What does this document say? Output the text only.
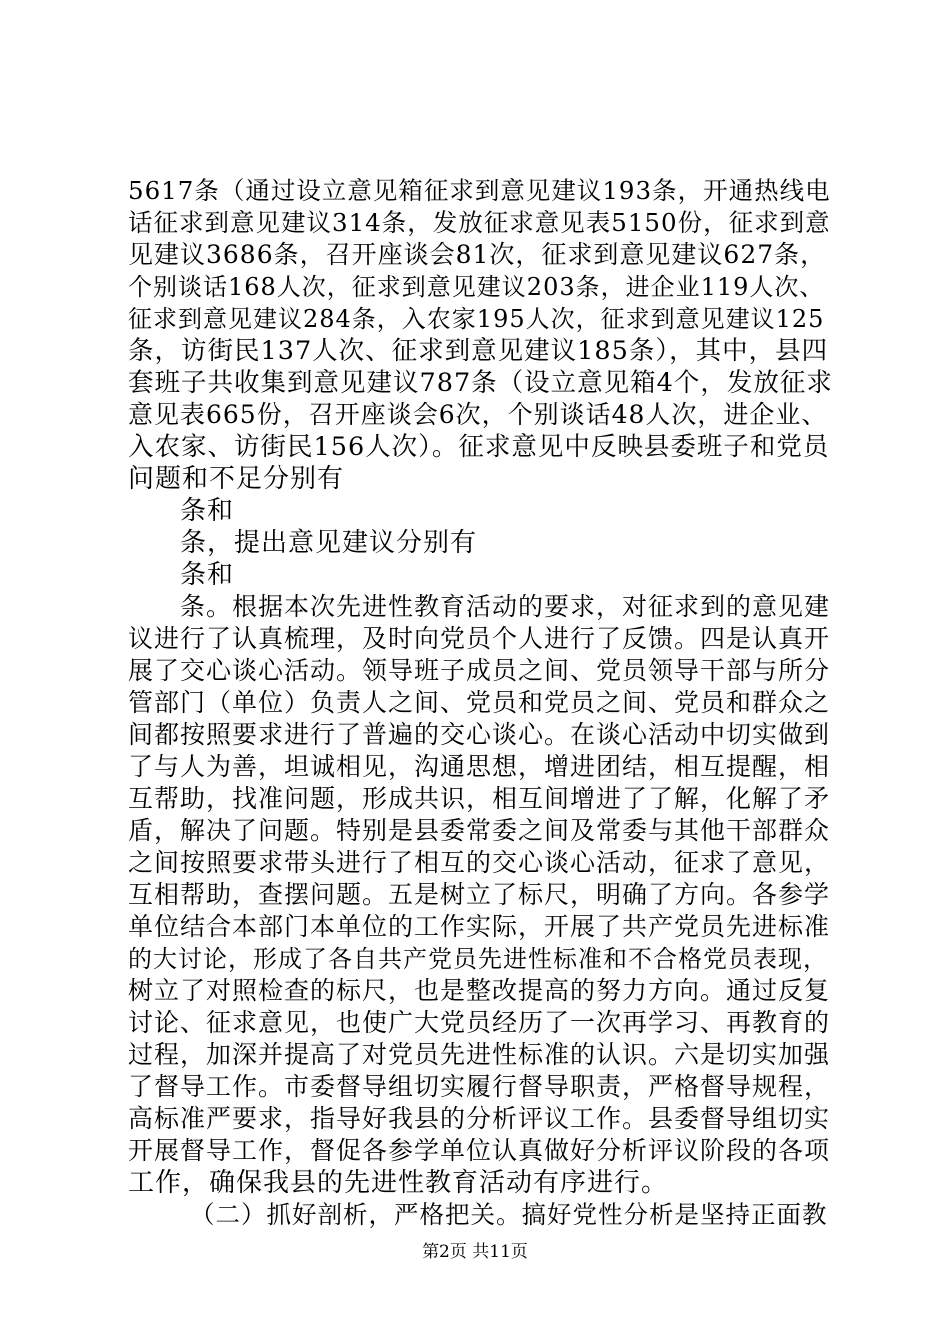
5617条（通过设立意见箱征求到意见建议193条，开通热线电
话征求到意见建议314条，发放征求意见表5150份，征求到意
见建议3686条，召开座谈会81次，征求到意见建议627条，
个别谈话168人次，征求到意见建议203条，进企业119人次、
征求到意见建议284条，入农家195人次，征求到意见建议125
条，访街民137人次、征求到意见建议185条），其中，县四
套班子共收集到意见建议787条（设立意见箱4个，发放征求
意见表665份，召开座谈会6次，个别谈话48人次，进企业、
入农家、访街民156人次）。征求意见中反映县委班子和党员
问题和不足分别有
条和
条，提出意见建议分别有
条和
条。根据本次先进性教育活动的要求，对征求到的意见建
议进行了认真梳理，及时向党员个人进行了反馈。四是认真开
展了交心谈心活动。领导班子成员之间、党员领导干部与所分
管部门（单位）负责人之间、党员和党员之间、党员和群众之
间都按照要求进行了普遍的交心谈心。在谈心活动中切实做到
了与人为善，坦诚相见，沟通思想，增进团结，相互提醒，相
互帮助，找准问题，形成共识，相互间增进了了解，化解了矛
盾，解决了问题。特别是县委常委之间及常委与其他干部群众
之间按照要求带头进行了相互的交心谈心活动，征求了意见，
互相帮助，查摆问题。五是树立了标尺，明确了方向。各参学
单位结合本部门本单位的工作实际，开展了共产党员先进标准
的大讨论，形成了各自共产党员先进性标准和不合格党员表现，
树立了对照检查的标尺，也是整改提高的努力方向。通过反复
讨论、征求意见，也使广大党员经历了一次再学习、再教育的
过程，加深并提高了对党员先进性标准的认识。六是切实加强
了督导工作。市委督导组切实履行督导职责，严格督导规程，
高标准严要求，指导好我县的分析评议工作。县委督导组切实
开展督导工作，督促各参学单位认真做好分析评议阶段的各项
工作，确保我县的先进性教育活动有序进行。
（二）抓好剖析，严格把关。搞好党性分析是坚持正面教
第2页 共11页
